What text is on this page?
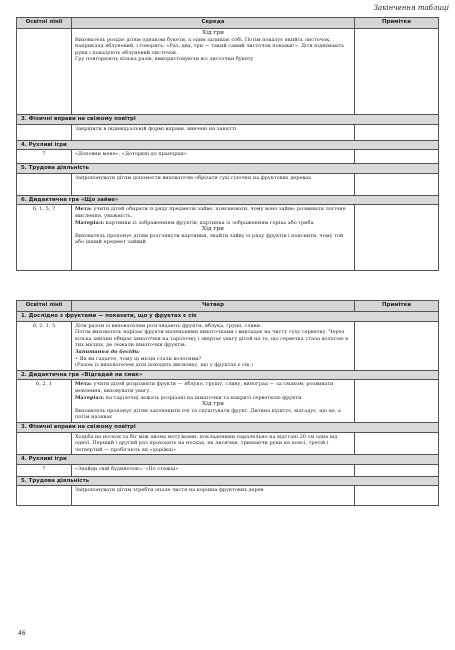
Закінчення таблиці
Освітні лінії	Середа	Примітки

	Хід гри

Вихователь роздає дітям однакові букети, а один залишає собі. Потім показує якийсь листочок, наприклад яблуневий, і говорить: «Раз, два, три — такий самий листочок покажи!». Діти піднімають руки і показують яблуневий листочок.

Гру повторюють кілька разів, використовуючи всі листочки букету	

3. Фізичні вправи на свіжому повітрі		
	Закріпити в індивідуальній формі вправи, вивчені на занятті	
4. Рухливі ігри		
7	«Доповни мене», «Доторкні до прапорця»	
5. Трудова діяльність		
	Запропонувати дітям допомогти вихователю обрізати сухі гілочки на фруктових деревах	
6. Дидактична гра «Що зайве»		
6, 1, 5, 7	Мета: учити дітей обирати із ряду предметів зайве, пояснювати, чому воно зайве; розвивати логічне мислення, уважність.

Матеріал: картинки із зображенням фруктів; картинка із зображенням горіха або гриба

Хід гри

Вихователь пропонує дітям розглянути картинки, знайти зайву із ряду фруктів і пояснити, чому той або інший предмет зайвий	

Освітні лінії	Четвер	Примітки
1. Дослідно з фруктами — показати, що у фруктах є сік		
6, 2, 1, 5	Діти разом із вихователем розглядають фрукти: яблука, груші, сливи.

Потім вихователь нарізає фрукти маленькими шматочками і викладає на чисту суху серветку. Через кілька хвилин обирає шматочки на тарілочку і звертає увагу дітей на те, що серветка стала вологою в тих місцях, де лежали шматочки фруктів.

Запитання до бесіди:

• Як ви гадаєте, чому ці місця стали вологими?

(Разом із вихователем діти доходять висновку, що у фруктах є сік.)	

2. Дидактична гра «Відгадай на смак»		
6, 2, 1	Мета: учити дітей розрізняти фрукти — яблуко, грушу, сливу, виноград — за смаком; розвивати мовлення, виховувати увагу.

Матеріал: на тарілочці лежать розрізані на шматочки та накриті серветкою фрукти

Хід гри

Вихователь пропонує дітям заплющити очі та скуштувати фрукт. Дитина куштує, відгадує, що це, а потім називає	

3. Фізичні вправи на свіжому повітрі		
	Ходьба на носках та біг між двома мотузками, покладеними паралельно на відстані 20 см одна від одної. Перший і другий раз проходять на носках, як лисички, тримаючи руки на поясі, третій і четвертий — пробігають як «доріжці»	
4. Рухливі ігри		
7	«Знайди свій будиночок», «По стежці»	
5. Трудова діяльність		
	Запропонувати дітям згребти опале листя на корінна фруктових дерев	
46
